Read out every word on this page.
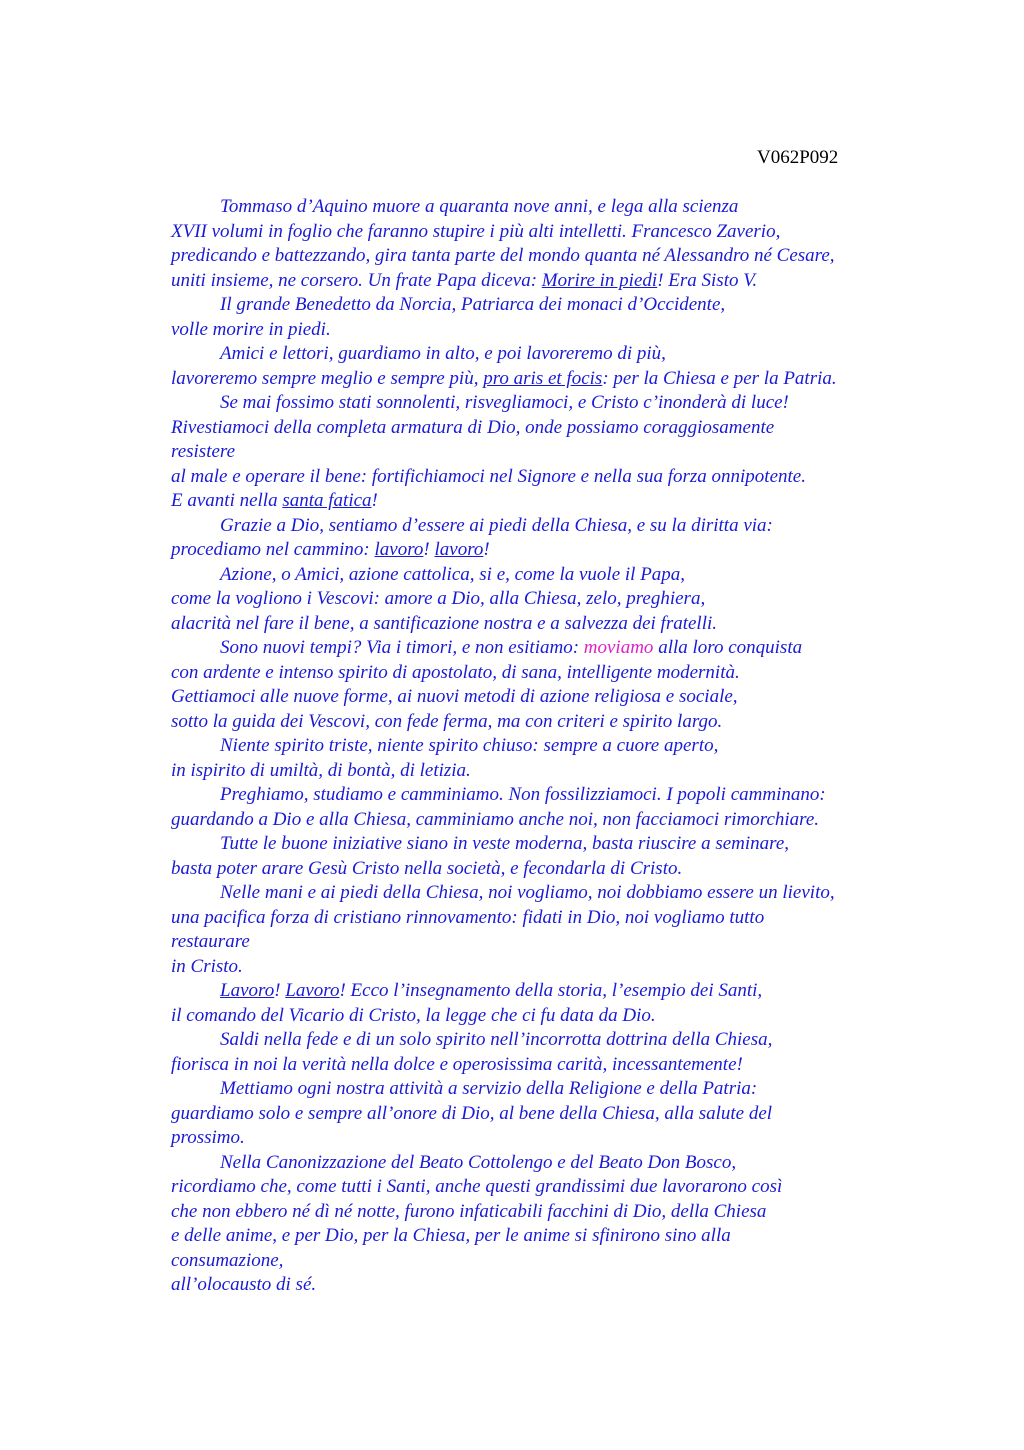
V062P092
Tommaso d’Aquino muore a quaranta nove anni, e lega alla scienza
XVII volumi in foglio che faranno stupire i più alti intelletti. Francesco Zaverio,
predicando e battezzando, gira tanta parte del mondo quanta né Alessandro né Cesare,
uniti insieme, ne corsero. Un frate Papa diceva: Morire in piedi! Era Sisto V.
Il grande Benedetto da Norcia, Patriarca dei monaci d’Occidente,
volle morire in piedi.
Amici e lettori, guardiamo in alto, e poi lavoreremo di più,
lavoreremo sempre meglio e sempre più, pro aris et focis: per la Chiesa e per la Patria.
Se mai fossimo stati sonnolenti, risvegliamoci, e Cristo c’inonderà di luce!
Rivestiamoci della completa armatura di Dio, onde possiamo coraggiosamente
resistere
al male e operare il bene: fortifichiamoci nel Signore e nella sua forza onnipotente.
E avanti nella santa fatica!
Grazie a Dio, sentiamo d’essere ai piedi della Chiesa, e su la diritta via:
procediamo nel cammino: lavoro! lavoro!
Azione, o Amici, azione cattolica, si e, come la vuole il Papa,
come la vogliono i Vescovi: amore a Dio, alla Chiesa, zelo, preghiera,
alacrità nel fare il bene, a santificazione nostra e a salvezza dei fratelli.
Sono nuovi tempi? Via i timori, e non esitiamo: moviamo alla loro conquista
con ardente e intenso spirito di apostolato, di sana, intelligente modernità.
Gettiamoci alle nuove forme, ai nuovi metodi di azione religiosa e sociale,
sotto la guida dei Vescovi, con fede ferma, ma con criteri e spirito largo.
Niente spirito triste, niente spirito chiuso: sempre a cuore aperto,
in ispirito di umiltà, di bontà, di letizia.
Preghiamo, studiamo e camminiamo. Non fossilizziamoci. I popoli camminano:
guardando a Dio e alla Chiesa, camminiamo anche noi, non facciamoci rimorchiare.
Tutte le buone iniziative siano in veste moderna, basta riuscire a seminare,
basta poter arare Gesù Cristo nella società, e fecondarla di Cristo.
Nelle mani e ai piedi della Chiesa, noi vogliamo, noi dobbiamo essere un lievito,
una pacifica forza di cristiano rinnovamento: fidati in Dio, noi vogliamo tutto
restaurare
in Cristo.
Lavoro! Lavoro! Ecco l’insegnamento della storia, l’esempio dei Santi,
il comando del Vicario di Cristo, la legge che ci fu data da Dio.
Saldi nella fede e di un solo spirito nell’incorrotta dottrina della Chiesa,
fiorisca in noi la verità nella dolce e operosissima carità, incessantemente!
Mettiamo ogni nostra attività a servizio della Religione e della Patria:
guardiamo solo e sempre all’onore di Dio, al bene della Chiesa, alla salute del
prossimo.
Nella Canonizzazione del Beato Cottolengo e del Beato Don Bosco,
ricordiamo che, come tutti i Santi, anche questi grandissimi due lavorarono così
che non ebbero né dì né notte, furono infaticabili facchini di Dio, della Chiesa
e delle anime, e per Dio, per la Chiesa, per le anime si sfinirono sino alla
consumazione,
all’olocausto di sé.
